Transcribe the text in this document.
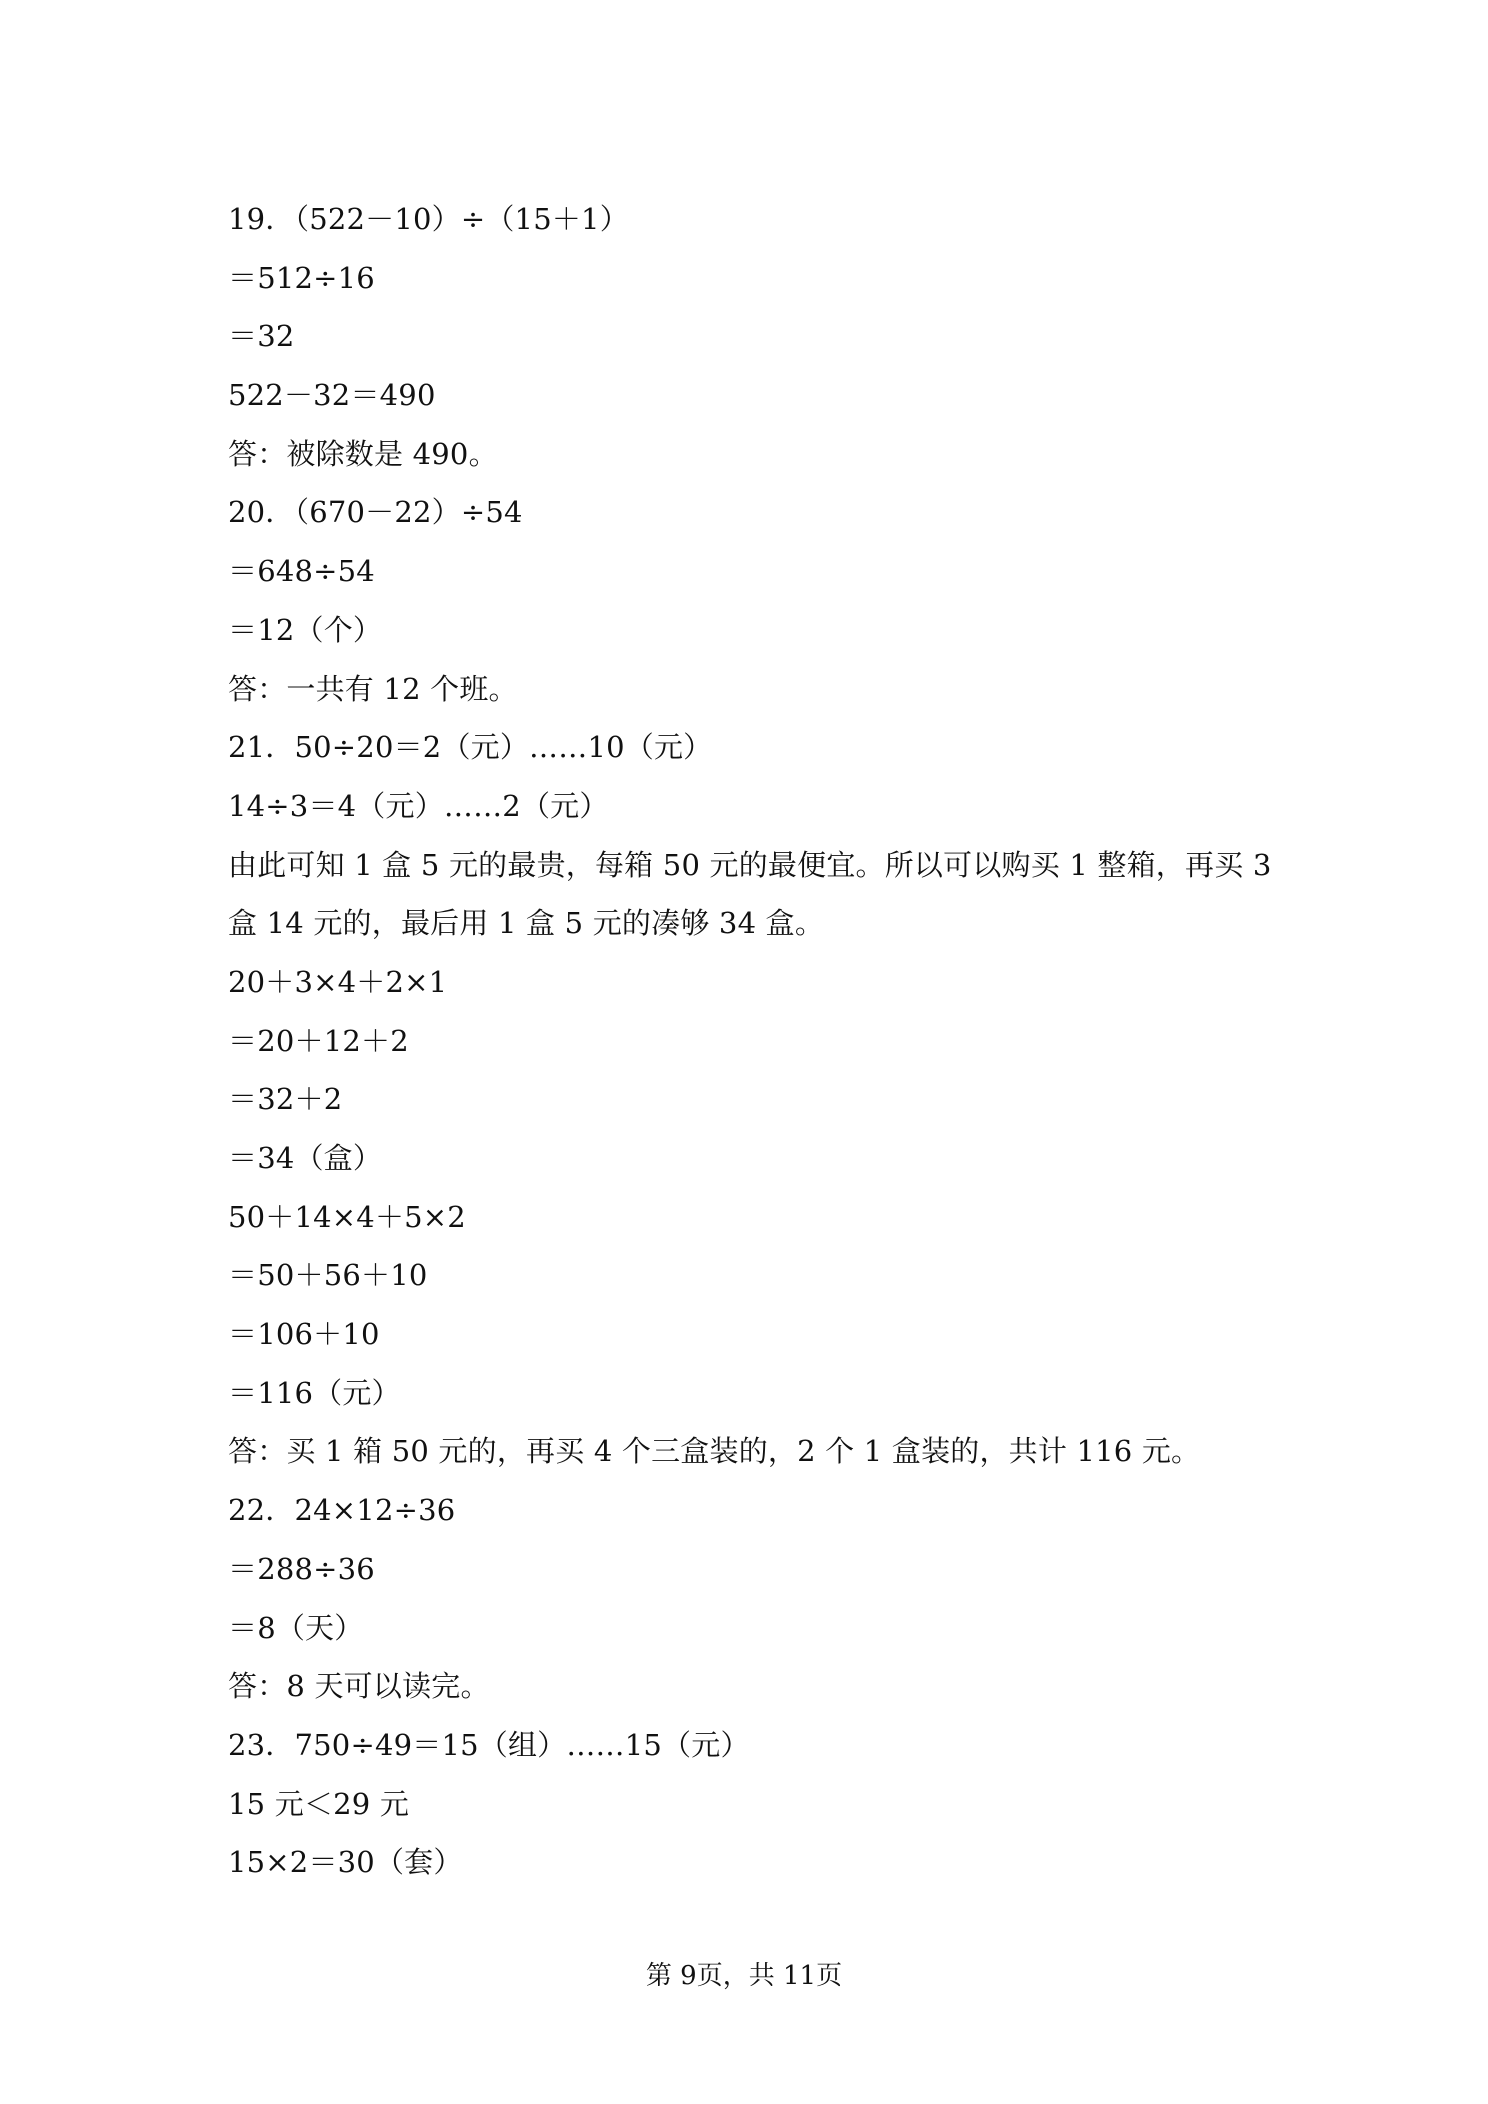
19．（522－10）÷（15＋1）
＝512÷16
＝32
522－32＝490
答：被除数是 490。
20．（670－22）÷54
＝648÷54
＝12（个）
答：一共有 12 个班。
21．50÷20＝2（元）……10（元）
14÷3＝4（元）……2（元）
由此可知 1 盒 5 元的最贵，每箱 50 元的最便宜。所以可以购买 1 整箱，再买 3
盒 14 元的，最后用 1 盒 5 元的凑够 34 盒。
20＋3×4＋2×1
＝20＋12＋2
＝32＋2
＝34（盒）
50＋14×4＋5×2
＝50＋56＋10
＝106＋10
＝116（元）
答：买 1 箱 50 元的，再买 4 个三盒装的，2 个 1 盒装的，共计 116 元。
22．24×12÷36
＝288÷36
＝8（天）
答：8 天可以读完。
23．750÷49＝15（组）……15（元）
15 元＜29 元
15×2＝30（套）
第 9页，共 11页
